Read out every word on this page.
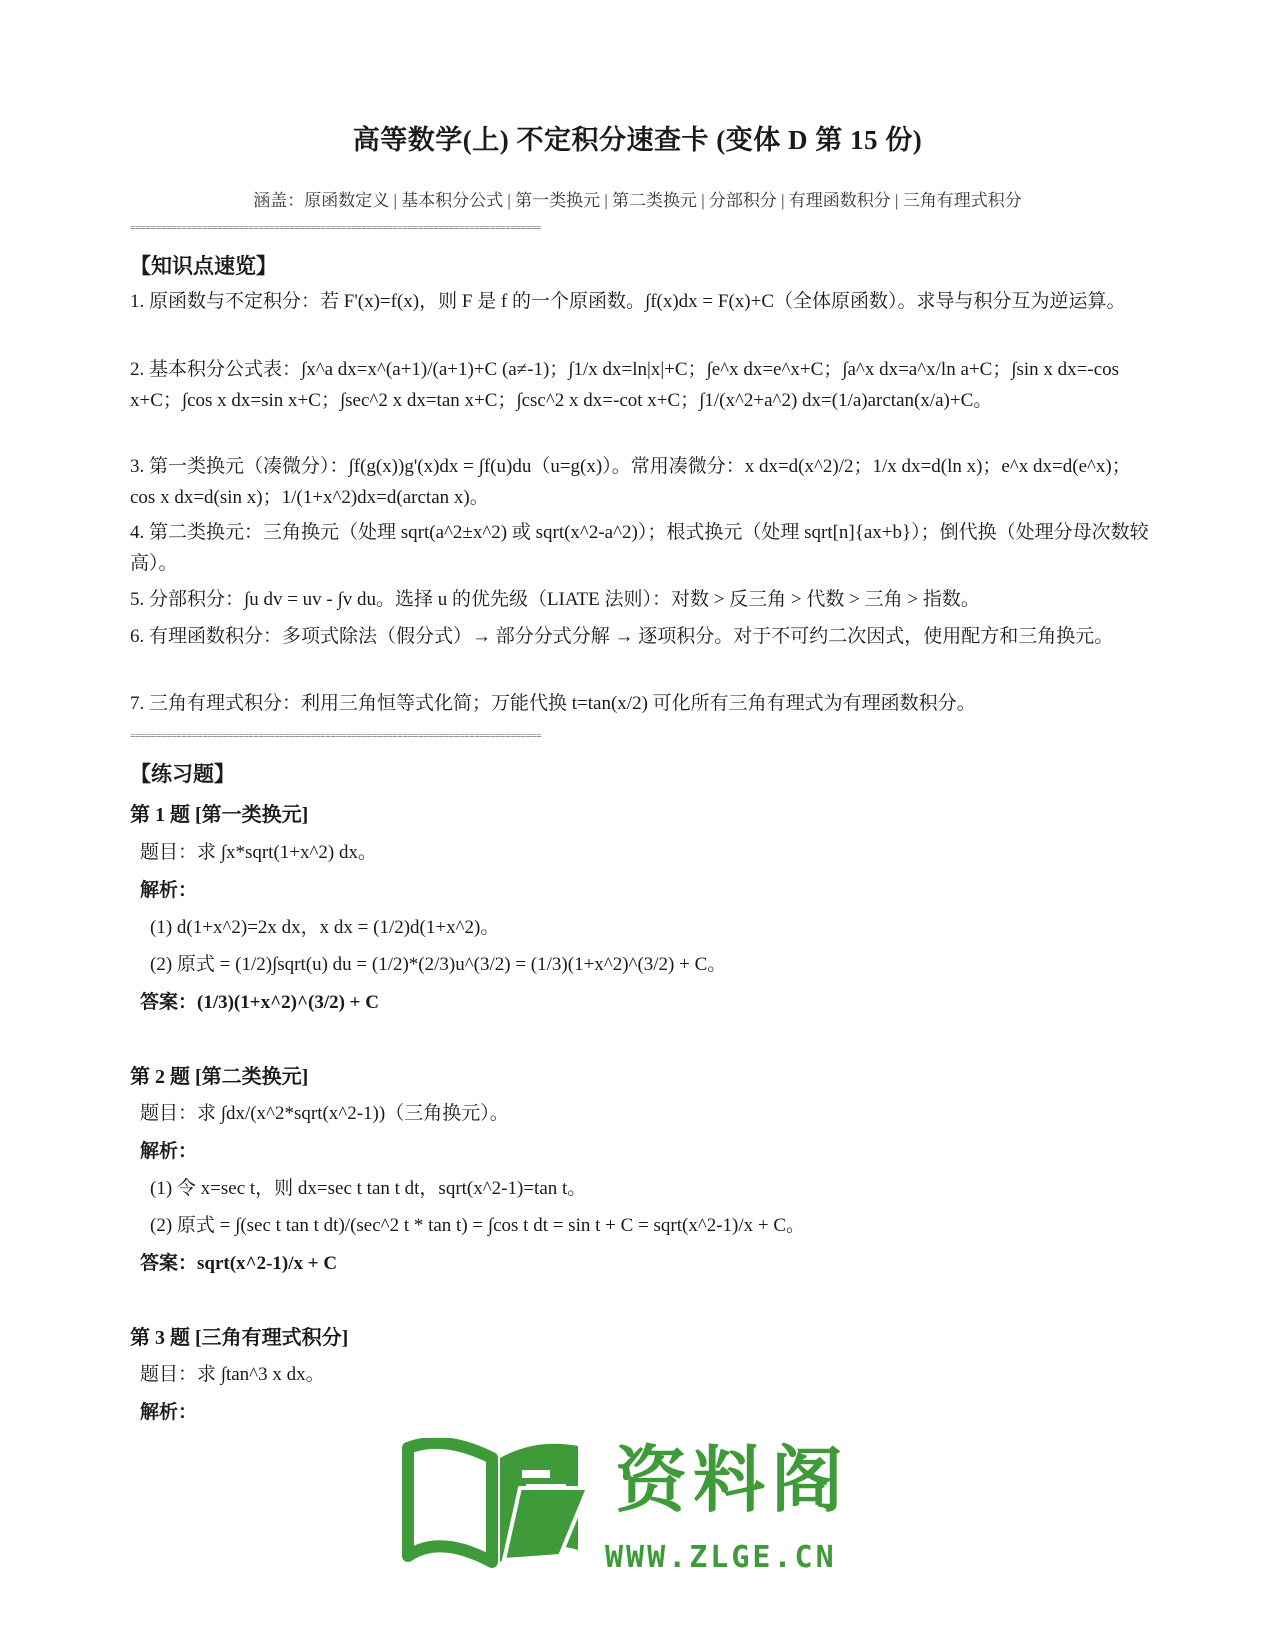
高等数学(上) 不定积分速查卡 (变体 D 第 15 份)
涵盖：原函数定义 | 基本积分公式 | 第一类换元 | 第二类换元 | 分部积分 | 有理函数积分 | 三角有理式积分
================================================================================
【知识点速览】

1. 原函数与不定积分：若 F'(x)=f(x)，则 F 是 f 的一个原函数。∫f(x)dx = F(x)+C（全体原函数）。求导与积分互为逆运算。

2. 基本积分公式表：∫x^a dx=x^(a+1)/(a+1)+C (a≠-1)；∫1/x dx=ln|x|+C；∫e^x dx=e^x+C；∫a^x dx=a^x/ln a+C；∫sin x dx=-cos x+C；∫cos x dx=sin x+C；∫sec^2 x dx=tan x+C；∫csc^2 x dx=-cot x+C；∫1/(x^2+a^2) dx=(1/a)arctan(x/a)+C。

3. 第一类换元（凑微分）：∫f(g(x))g'(x)dx = ∫f(u)du（u=g(x)）。常用凑微分：x dx=d(x^2)/2；1/x dx=d(ln x)；e^x dx=d(e^x)；cos x dx=d(sin x)；1/(1+x^2)dx=d(arctan x)。

4. 第二类换元：三角换元（处理 sqrt(a^2±x^2) 或 sqrt(x^2-a^2)）；根式换元（处理 sqrt[n]{ax+b}）；倒代换（处理分母次数较高）。

5. 分部积分：∫u dv = uv - ∫v du。选择 u 的优先级（LIATE 法则）：对数 > 反三角 > 代数 > 三角 > 指数。

6. 有理函数积分：多项式除法（假分式）→ 部分分式分解 → 逐项积分。对于不可约二次因式，使用配方和三角换元。

7. 三角有理式积分：利用三角恒等式化简；万能代换 t=tan(x/2) 可化所有三角有理式为有理函数积分。

================================================================================
【练习题】
第 1 题 [第一类换元]
题目：求 ∫x*sqrt(1+x^2) dx。
解析：
(1) d(1+x^2)=2x dx，x dx = (1/2)d(1+x^2)。
(2) 原式 = (1/2)∫sqrt(u) du = (1/2)*(2/3)u^(3/2) = (1/3)(1+x^2)^(3/2) + C。
答案：(1/3)(1+x^2)^(3/2) + C
第 2 题 [第二类换元]
题目：求 ∫dx/(x^2*sqrt(x^2-1))（三角换元）。
解析：
(1) 令 x=sec t，则 dx=sec t tan t dt，sqrt(x^2-1)=tan t。
(2) 原式 = ∫(sec t tan t dt)/(sec^2 t * tan t) = ∫cos t dt = sin t + C = sqrt(x^2-1)/x + C。
答案：sqrt(x^2-1)/x + C
第 3 题 [三角有理式积分]
题目：求 ∫tan^3 x dx。
解析：
资料阁
WWW.ZLGE.CN
